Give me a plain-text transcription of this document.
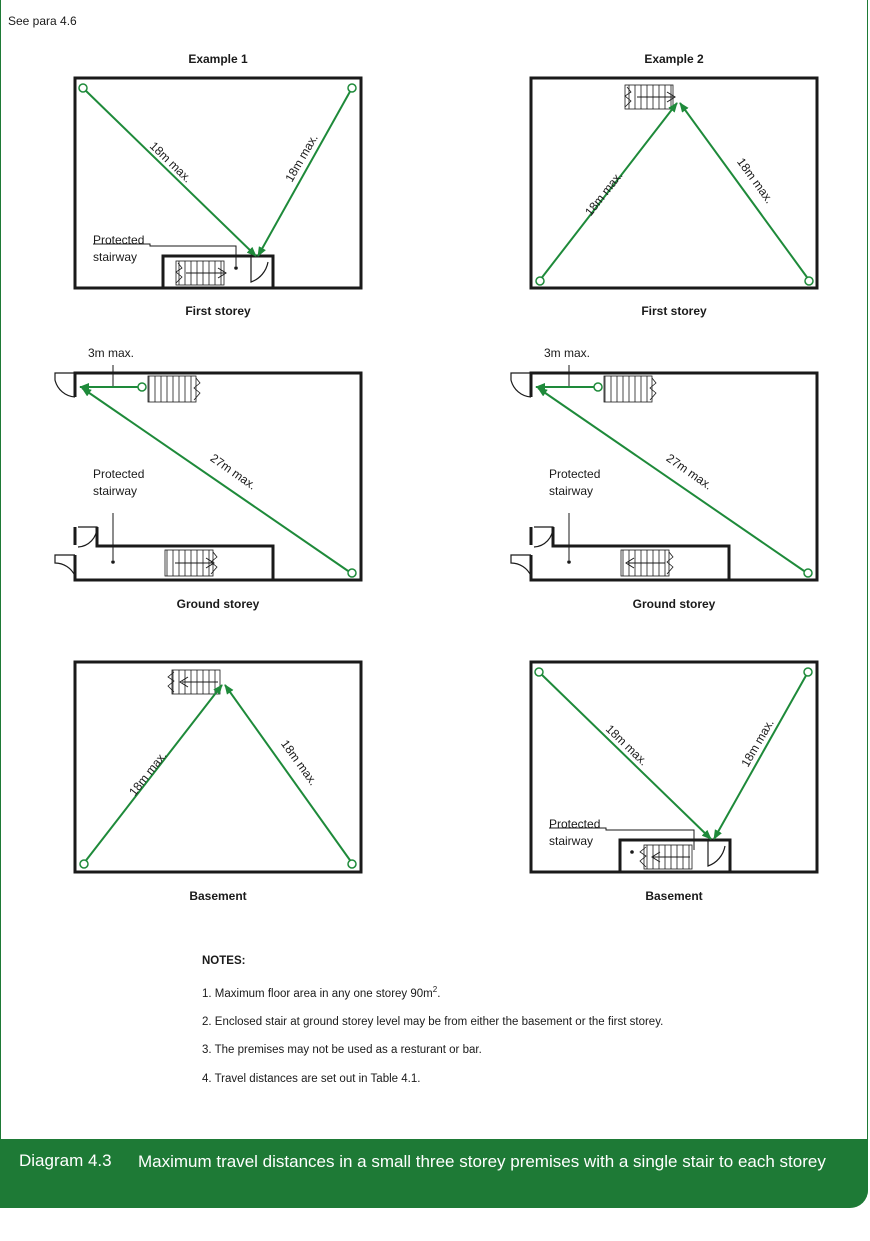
See para 4.6
Example 1	Example 2
18m max.	18m max.
Protected
stairway
First storey
18m max.	18m max.
First storey
3m max.
27m max.
Protected
stairway
Ground storey
3m max.
27m max.
Protected
stairway
Ground storey
18m max.	18m max.
Basement
18m max.	18m max.
Protected
stairway
Basement
NOTES:
1. Maximum floor area in any one storey $90m^2$.
2. Enclosed stair at ground storey level may be from either the basement or the first storey.
3. The premises may not be used as a resturant or bar.
4. Travel distances are set out in Table 4.1.
Diagram 4.3 Maximum travel distances in a small three storey premises with a single stair to each storey
